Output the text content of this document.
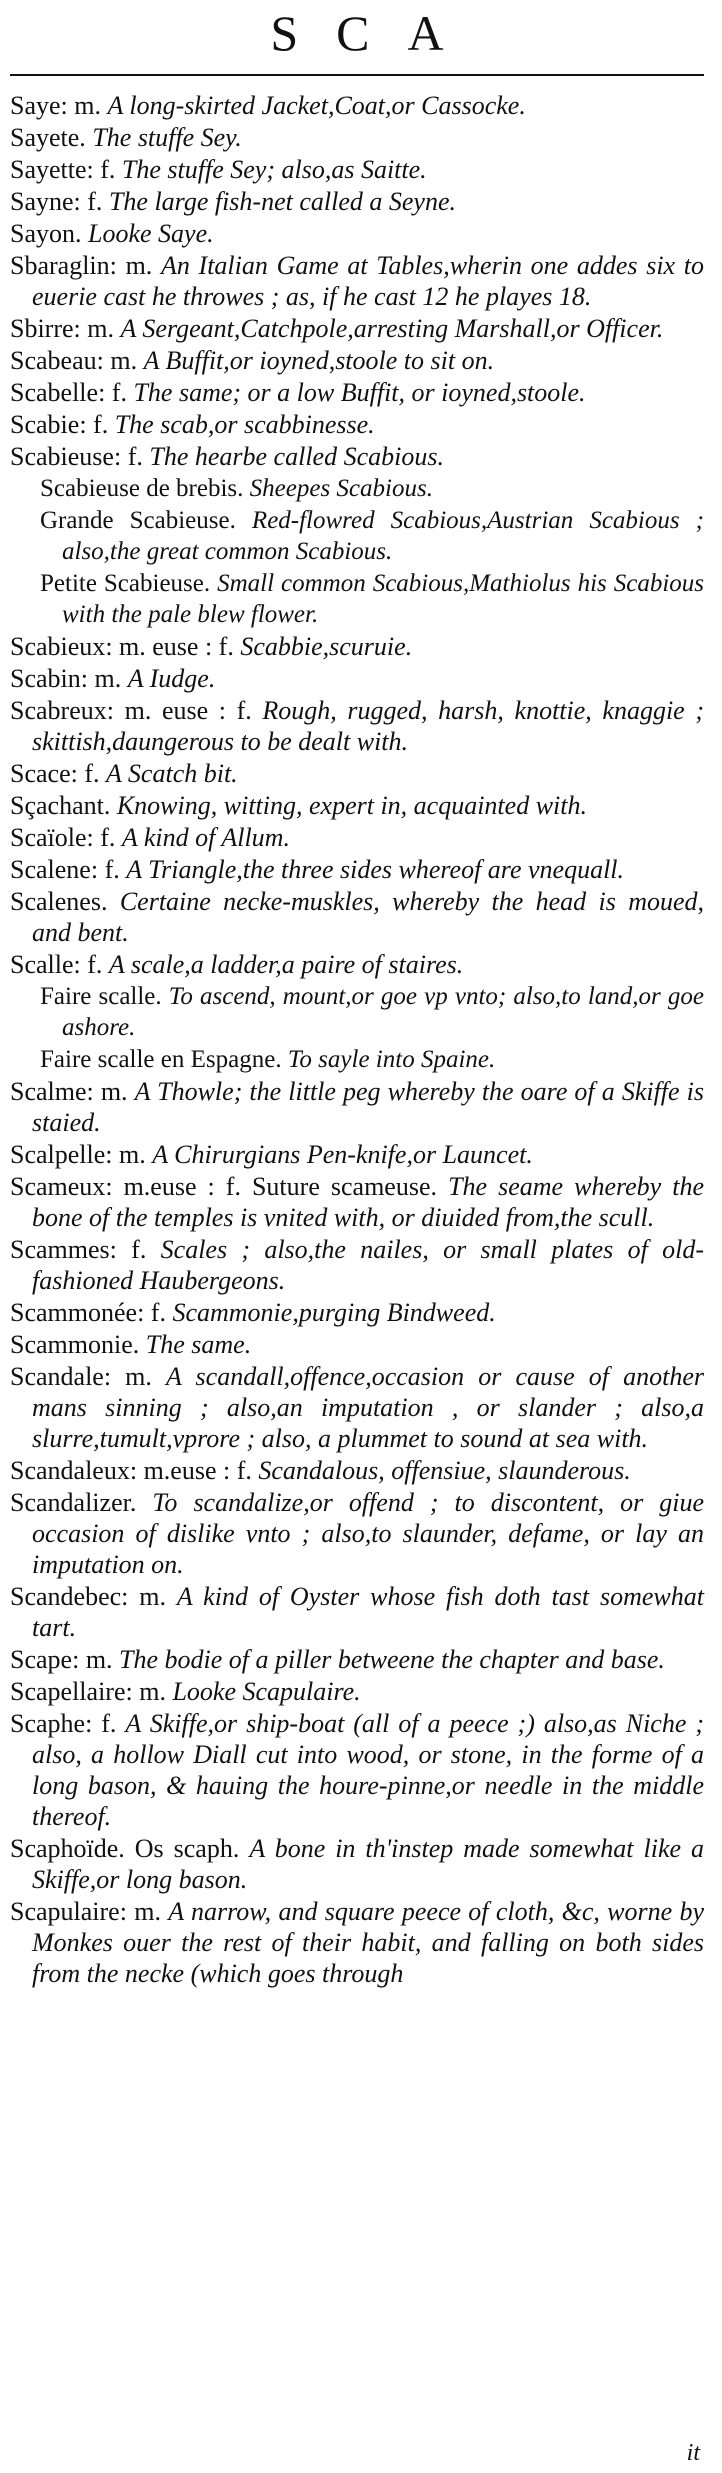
SCA

Saye: m. A long-skirted Jacket,Coat,or Cassocke.

Sayete. The stuffe Sey.

Sayette: f. The stuffe Sey; also,as Saitte.

Sayne: f. The large fish-net called a Seyne.

Sayon. Looke Saye.

Sbaraglin: m. An Italian Game at Tables,wherin one addes six to euerie cast he throwes ; as, if he cast 12 he playes 18.

Sbirre: m. A Sergeant,Catchpole,arresting Marshall,or Officer.

Scabeau: m. A Buffit,or ioyned,stoole to sit on.

Scabelle: f. The same; or a low Buffit, or ioyned,stoole.

Scabie: f. The scab,or scabbinesse.

Scabieuse: f. The hearbe called Scabious.

Scabieuse de brebis. Sheepes Scabious.

Grande Scabieuse. Red-flowred Scabious,Austrian Scabious ; also,the great common Scabious.

Petite Scabieuse. Small common Scabious,Mathiolus his Scabious with the pale blew flower.

Scabieux: m. euse : f. Scabbie,scuruie.

Scabin: m. A Iudge.

Scabreux: m. euse : f. Rough, rugged, harsh, knottie, knaggie ; skittish,daungerous to be dealt with.

Scace: f. A Scatch bit.

Sçachant. Knowing, witting, expert in, acquainted with.

Scaïole: f. A kind of Allum.

Scalene: f. A Triangle,the three sides whereof are vnequall.

Scalenes. Certaine necke-muskles, whereby the head is moued, and bent.

Scalle: f. A scale,a ladder,a paire of staires.

Faire scalle. To ascend, mount,or goe vp vnto; also,to land,or goe ashore.

Faire scalle en Espagne. To sayle into Spaine.

Scalme: m. A Thowle; the little peg whereby the oare of a Skiffe is staied.

Scalpelle: m. A Chirurgians Pen-knife,or Launcet.

Scameux: m.euse : f. Suture scameuse. The seame whereby the bone of the temples is vnited with, or diuided from,the scull.

Scammes: f. Scales ; also,the nailes, or small plates of old-fashioned Haubergeons.

Scammonée: f. Scammonie,purging Bindweed.

Scammonie. The same.

Scandale: m. A scandall,offence,occasion or cause of another mans sinning ; also,an imputation , or slander ; also,a slurre,tumult,vprore ; also, a plummet to sound at sea with.

Scandaleux: m.euse : f. Scandalous, offensiue, slaunderous.

Scandalizer. To scandalize,or offend ; to discontent, or giue occasion of dislike vnto ; also,to slaunder, defame, or lay an imputation on.

Scandebec: m. A kind of Oyster whose fish doth tast somewhat tart.

Scape: m. The bodie of a piller betweene the chapter and base.

Scapellaire: m. Looke Scapulaire.

Scaphe: f. A Skiffe,or ship-boat (all of a peece ;) also,as Niche ; also, a hollow Diall cut into wood, or stone, in the forme of a long bason, & hauing the houre-pinne,or needle in the middle thereof.

Scaphoïde. Os scaph. A bone in th'instep made somewhat like a Skiffe,or long bason.

Scapulaire: m. A narrow, and square peece of cloth, &c, worne by Monkes ouer the rest of their habit, and falling on both sides from the necke (which goes through

it
